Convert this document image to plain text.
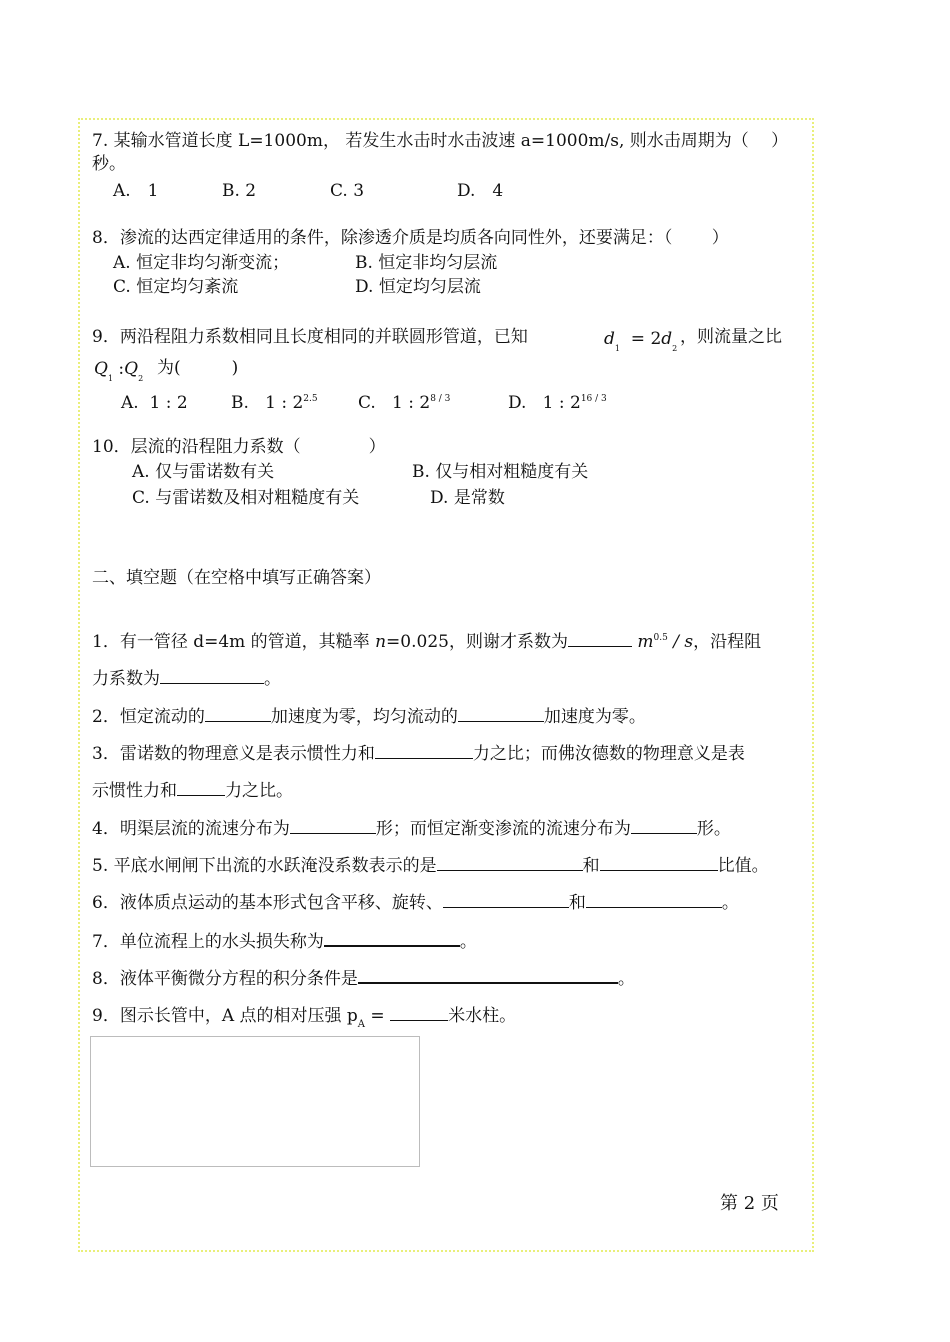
7. 某输水管道长度 L=1000m， 若发生水击时水击波速 a=1000m/s, 则水击周期为（　 ）
秒。
A.　1	B. 2	C. 3	D.　4
8．渗流的达西定律适用的条件，除渗透介质是均质各向同性外，还要满足：（　　 ）
A. 恒定非均匀渐变流；	B. 恒定非均匀层流
C. 恒定均匀紊流	D. 恒定均匀层流
9．两沿程阻力系数相同且长度相同的并联圆形管道，已知	$d_1 = 2d_2$
，则流量之比
$Q_1$ $:Q_2$
为(　　　)
A. 1 : 2	B. 1 : $2^{2.5}$ C. 1 : $2^{8 / 3}$	D. 1 : $2^{16 / 3}$
10．层流的沿程阻力系数（　　　　）
A. 仅与雷诺数有关	B. 仅与相对粗糙度有关
C. 与雷诺数及相对粗糙度有关	D. 是常数
二、填空题（在空格中填写正确答案）
1．有一管径 d=4m 的管道，其糙率 n=0.025，则谢才系数为	$m^{0.5}$ / s，沿程阻
力系数为	。
2．恒定流动的	加速度为零，均匀流动的	加速度为零。
3．雷诺数的物理意义是表示惯性力和	力之比；而佛汝德数的物理意义是表
示惯性力和	力之比。
4．明渠层流的流速分布为	形；而恒定渐变渗流的流速分布为	形。
5. 平底水闸闸下出流的水跃淹没系数表示的是	和	比值。
6．液体质点运动的基本形式包含平移、旋转、	和	。
7．单位流程上的水头损失称为	。
8．液体平衡微分方程的积分条件是	。
9．图示长管中，A 点的相对压强 $p_A$ =	米水柱。
第 2 页
